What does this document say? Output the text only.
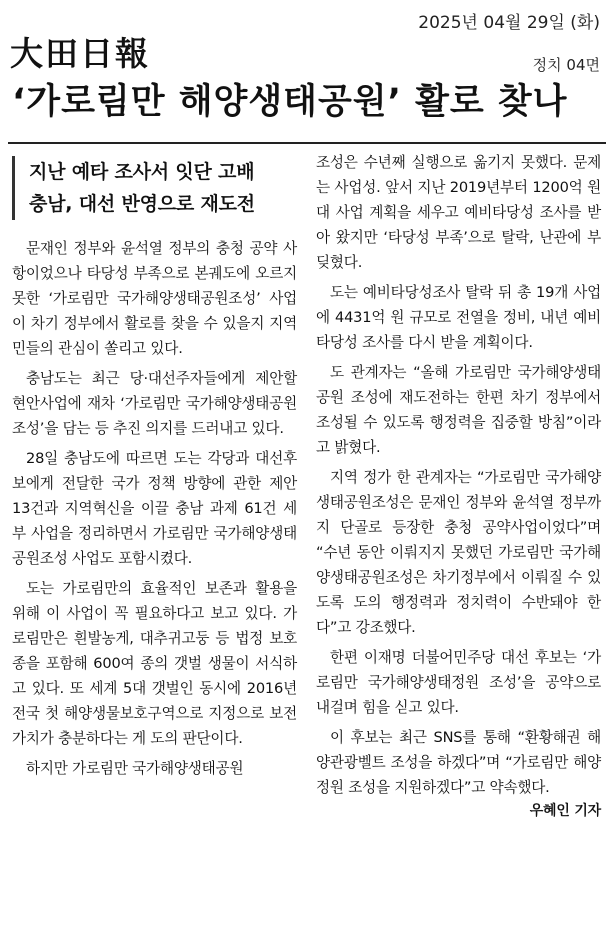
2025년 04월 29일 (화)
大田日報	정치 04면
‘가로림만 해양생태공원’ 활로 찾나
지난 예타 조사서 잇단 고배
충남, 대선 반영으로 재도전

문재인 정부와 윤석열 정부의 충청 공약 사항이었으나 타당성 부족으로 본궤도에 오르지 못한 ‘가로림만 국가해양생태공원조성’ 사업이 차기 정부에서 활로를 찾을 수 있을지 지역민들의 관심이 쏠리고 있다.

충남도는 최근 당·대선주자들에게 제안할 현안사업에 재차 ‘가로림만 국가해양생태공원조성’을 담는 등 추진 의지를 드러내고 있다.

28일 충남도에 따르면 도는 각당과 대선후보에게 전달한 국가 정책 방향에 관한 제안 13건과 지역혁신을 이끌 충남 과제 61건 세부 사업을 정리하면서 가로림만 국가해양생태공원조성 사업도 포함시켰다.

도는 가로림만의 효율적인 보존과 활용을 위해 이 사업이 꼭 필요하다고 보고 있다. 가로림만은 흰발농게, 대추귀고둥 등 법정 보호종을 포함해 600여 종의 갯벌 생물이 서식하고 있다. 또 세계 5대 갯벌인 동시에 2016년 전국 첫 해양생물보호구역으로 지정으로 보전가치가 충분하다는 게 도의 판단이다.

하지만 가로림만 국가해양생태공원

조성은 수년째 실행으로 옮기지 못했다. 문제는 사업성. 앞서 지난 2019년부터 1200억 원대 사업 계획을 세우고 예비타당성 조사를 받아 왔지만 ‘타당성 부족’으로 탈락, 난관에 부딪혔다.

도는 예비타당성조사 탈락 뒤 총 19개 사업에 4431억 원 규모로 전열을 정비, 내년 예비타당성 조사를 다시 받을 계획이다.

도 관계자는 “올해 가로림만 국가해양생태공원 조성에 재도전하는 한편 차기 정부에서 조성될 수 있도록 행정력을 집중할 방침”이라고 밝혔다.

지역 정가 한 관계자는 “가로림만 국가해양생태공원조성은 문재인 정부와 윤석열 정부까지 단골로 등장한 충청 공약사업이었다”며 “수년 동안 이뤄지지 못했던 가로림만 국가해양생태공원조성은 차기정부에서 이뤄질 수 있도록 도의 행정력과 정치력이 수반돼야 한다”고 강조했다.

한편 이재명 더불어민주당 대선 후보는 ‘가로림만 국가해양생태정원 조성’을 공약으로 내걸며 힘을 싣고 있다.

이 후보는 최근 SNS를 통해 “환황해권 해양관광벨트 조성을 하겠다”며 “가로림만 해양정원 조성을 지원하겠다”고 약속했다.

우혜인 기자
